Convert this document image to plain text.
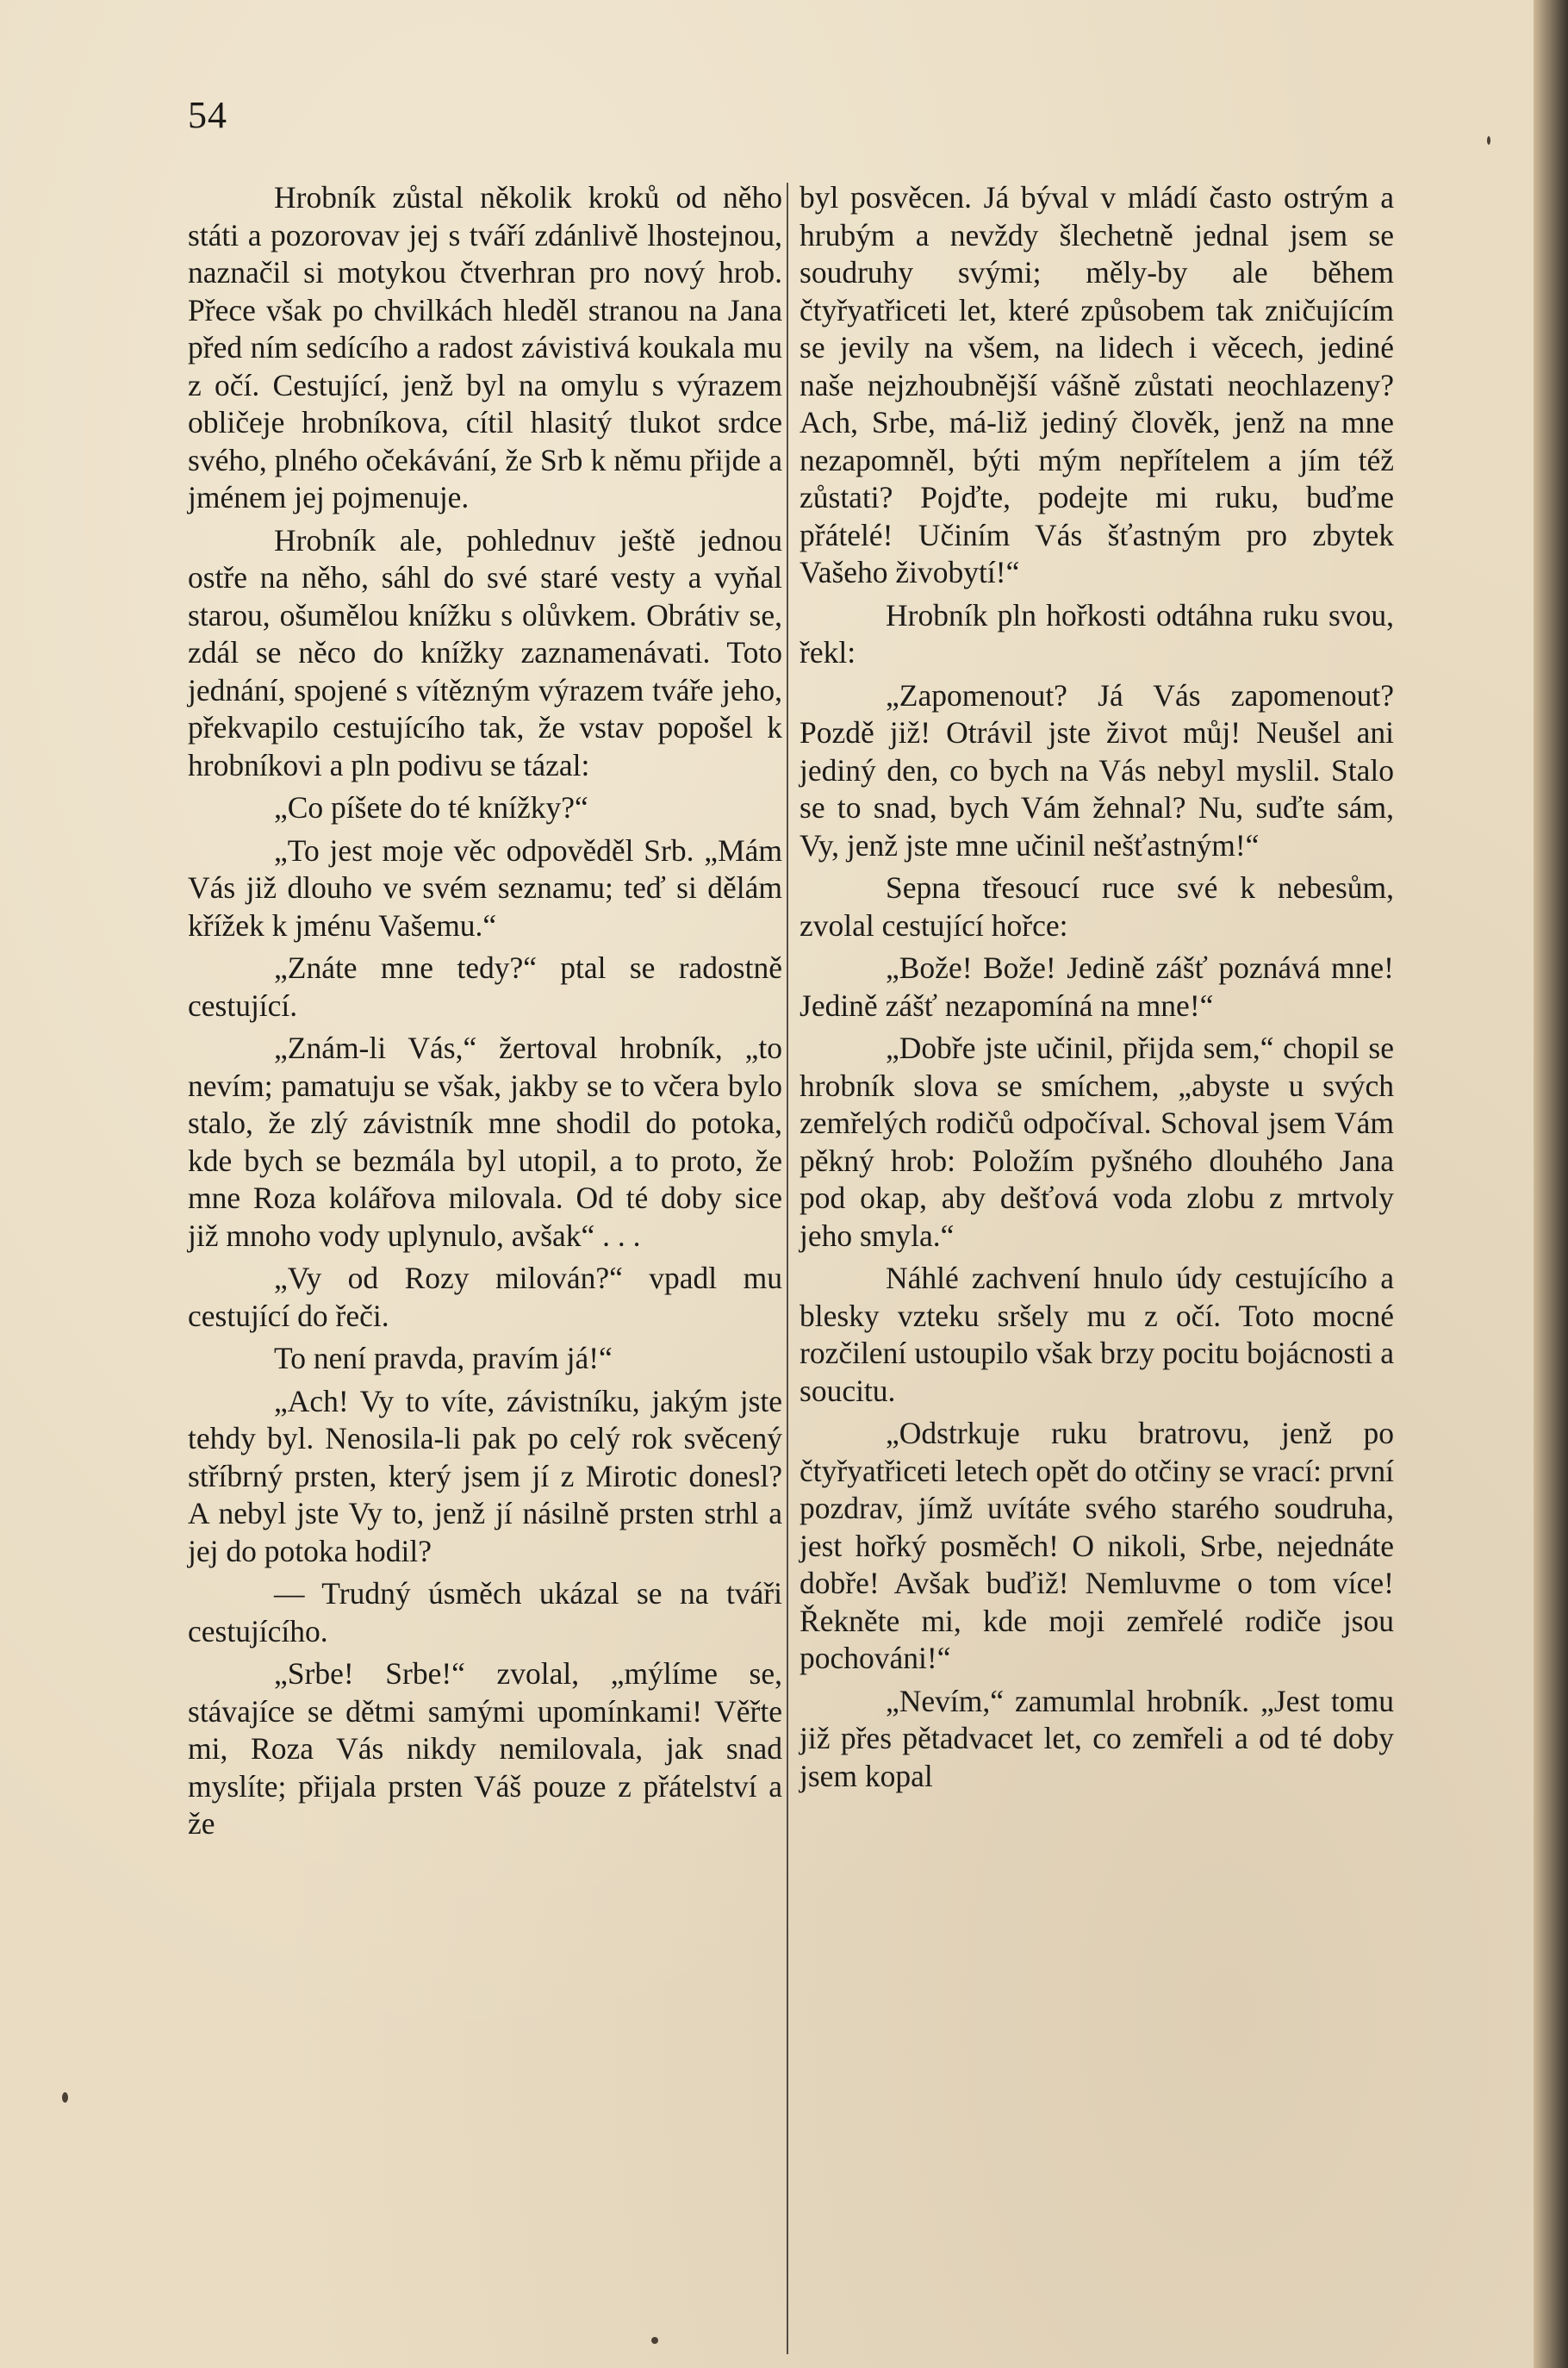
54

Hrobník zůstal několik kroků od něho státi a pozorovav jej s tváří zdánlivě lhostejnou, naznačil si motykou čtverhran pro nový hrob. Přece však po chvilkách hleděl stranou na Jana před ním sedícího a radost závistivá koukala mu z očí. Cestující, jenž byl na omylu s výrazem obličeje hrobníkova, cítil hlasitý tlukot srdce svého, plného očekávání, že Srb k němu přijde a jménem jej pojmenuje.

Hrobník ale, pohlednuv ještě jednou ostře na něho, sáhl do své staré vesty a vyňal starou, ošumělou knížku s olůvkem. Obrátiv se, zdál se něco do knížky zaznamenávati. Toto jednání, spojené s vítězným výrazem tváře jeho, překvapilo cestujícího tak, že vstav popošel k hrobníkovi a pln podivu se tázal:

„Co píšete do té knížky?“

„To jest moje věc odpověděl Srb. „Mám Vás již dlouho ve svém seznamu; teď si dělám křížek k jménu Vašemu.“

„Znáte mne tedy?“ ptal se radostně cestující.

„Znám-li Vás,“ žertoval hrobník, „to nevím; pamatuju se však, jakby se to včera bylo stalo, že zlý závistník mne shodil do potoka, kde bych se bezmála byl utopil, a to proto, že mne Roza kolářova milovala. Od té doby sice již mnoho vody uplynulo, avšak“ . . .

„Vy od Rozy milován?“ vpadl mu cestující do řeči.

To není pravda, pravím já!“

„Ach! Vy to víte, závistníku, jakým jste tehdy byl. Nenosila-li pak po celý rok svěcený stříbrný prsten, který jsem jí z Mirotic donesl? A nebyl jste Vy to, jenž jí násilně prsten strhl a jej do potoka hodil?

— Trudný úsměch ukázal se na tváři cestujícího.

„Srbe! Srbe!“ zvolal, „mýlíme se, stávajíce se dětmi samými upomínkami! Věřte mi, Roza Vás nikdy nemilovala, jak snad myslíte; přijala prsten Váš pouze z přátelství a že

byl posvěcen. Já býval v mládí často ostrým a hrubým a nevždy šlechetně jednal jsem se soudruhy svými; měly-by ale během čtyřyatřiceti let, které způsobem tak zničujícím se jevily na všem, na lidech i věcech, jediné naše nejzhoubnější vášně zůstati neochlazeny? Ach, Srbe, má-liž jediný člověk, jenž na mne nezapomněl, býti mým nepřítelem a jím též zůstati? Pojďte, podejte mi ruku, buďme přátelé! Učiním Vás šťastným pro zbytek Vašeho živobytí!“

Hrobník pln hořkosti odtáhna ruku svou, řekl:

„Zapomenout? Já Vás zapomenout? Pozdě již! Otrávil jste život můj! Neušel ani jediný den, co bych na Vás nebyl myslil. Stalo se to snad, bych Vám žehnal? Nu, suďte sám, Vy, jenž jste mne učinil nešťastným!“

Sepna třesoucí ruce své k nebesům, zvolal cestující hořce:

„Bože! Bože! Jedině zášť poznává mne! Jedině zášť nezapomíná na mne!“

„Dobře jste učinil, přijda sem,“ chopil se hrobník slova se smíchem, „abyste u svých zemřelých rodičů odpočíval. Schoval jsem Vám pěkný hrob: Položím pyšného dlouhého Jana pod okap, aby dešťová voda zlobu z mrtvoly jeho smyla.“

Náhlé zachvení hnulo údy cestujícího a blesky vzteku sršely mu z očí. Toto mocné rozčilení ustoupilo však brzy pocitu bojácnosti a soucitu.

„Odstrkuje ruku bratrovu, jenž po čtyřyatřiceti letech opět do otčiny se vrací: první pozdrav, jímž uvítáte svého starého soudruha, jest hořký posměch! O nikoli, Srbe, nejednáte dobře! Avšak buďiž! Nemluvme o tom více! Řekněte mi, kde moji zemřelé rodiče jsou pochováni!“

„Nevím,“ zamumlal hrobník. „Jest tomu již přes pětadvacet let, co zemřeli a od té doby jsem kopal
